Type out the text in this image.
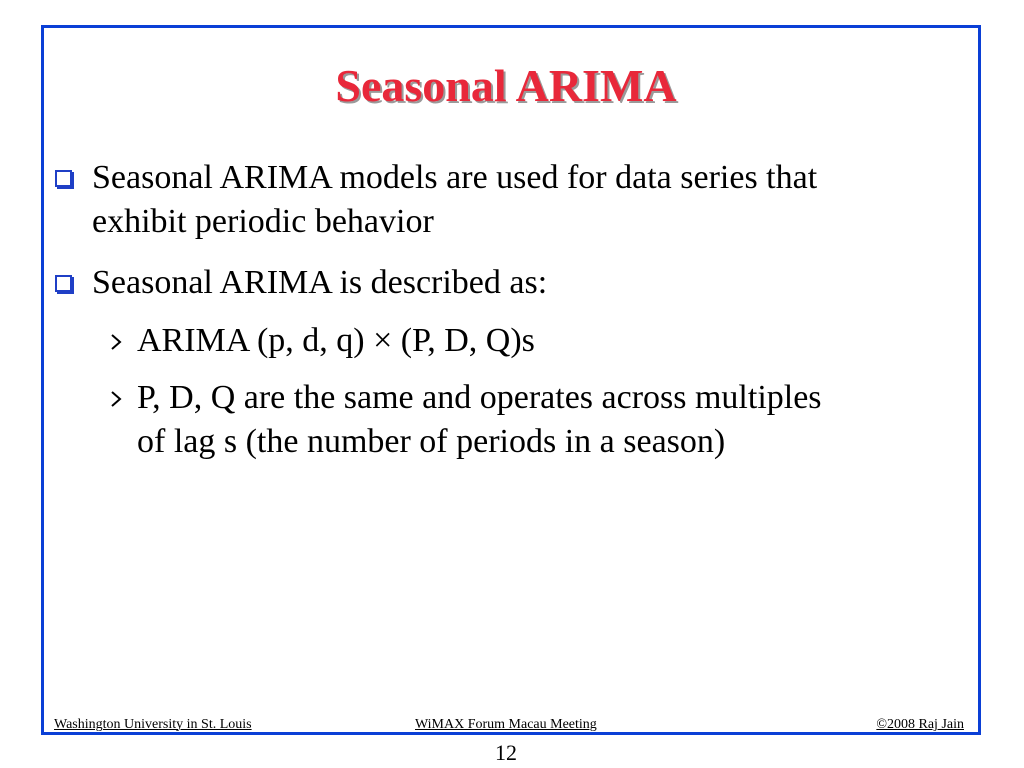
Seasonal ARIMA
Seasonal ARIMA models are used for data series that
exhibit periodic behavior
Seasonal ARIMA is described as:
ARIMA (p, d, q) × (P, D, Q)s
P, D, Q are the same and operates across multiples
of lag s (the number of periods in a season)
Washington University in St. Louis	WiMAX Forum Macau Meeting	©2008 Raj Jain
12
